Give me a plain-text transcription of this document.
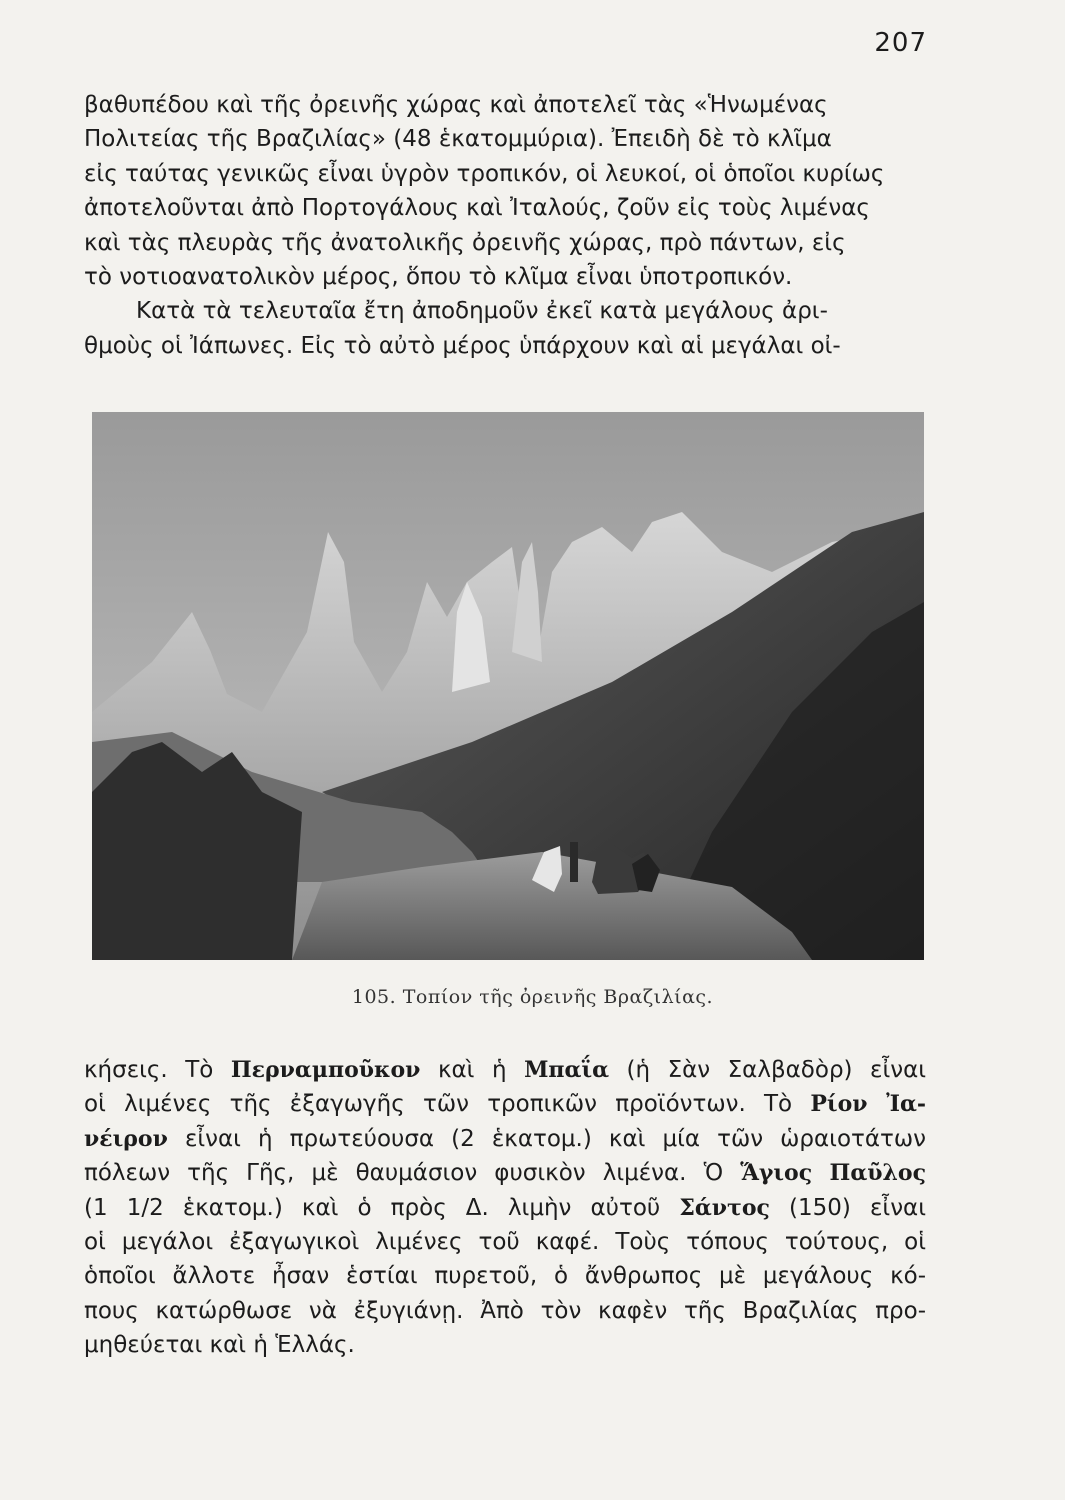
207
βαθυπέδου καὶ τῆς ὀρεινῆς χώρας καὶ ἀποτελεῖ τὰς «Ἡνωμένας
Πολιτείας τῆς Βραζιλίας» (48 ἑκατομμύρια). Ἐπειδὴ δὲ τὸ κλῖμα
εἰς ταύτας γενικῶς εἶναι ὑγρὸν τροπικόν, οἱ λευκοί, οἱ ὁποῖοι κυρίως
ἀποτελοῦνται ἀπὸ Πορτογάλους καὶ Ἰταλούς, ζοῦν εἰς τοὺς λιμένας
καὶ τὰς πλευρὰς τῆς ἀνατολικῆς ὀρεινῆς χώρας, πρὸ πάντων, εἰς
τὸ νοτιοανατολικὸν μέρος, ὅπου τὸ κλῖμα εἶναι ὑποτροπικόν.
Κατὰ τὰ τελευταῖα ἔτη ἀποδημοῦν ἐκεῖ κατὰ μεγάλους ἀρι-
θμοὺς οἱ Ἰάπωνες. Εἰς τὸ αὐτὸ μέρος ὑπάρχουν καὶ αἱ μεγάλαι οἰ-
105. Τοπίον τῆς ὀρεινῆς Βραζιλίας.
κήσεις. Τὸ Περναμποῦκον καὶ ἡ Μπαΐα (ἡ Σὰν Σαλβαδὸρ) εἶναι
οἱ λιμένες τῆς ἐξαγωγῆς τῶν τροπικῶν προϊόντων. Τὸ Ρίον Ἰα-
νέιρον εἶναι ἡ πρωτεύουσα (2 ἑκατομ.) καὶ μία τῶν ὡραιοτάτων
πόλεων τῆς Γῆς, μὲ θαυμάσιον φυσικὸν λιμένα. Ὁ Ἅγιος Παῦλος
(1 1/2 ἑκατομ.) καὶ ὁ πρὸς Δ. λιμὴν αὐτοῦ Σάντος (150) εἶναι
οἱ μεγάλοι ἐξαγωγικοὶ λιμένες τοῦ καφέ. Τοὺς τόπους τούτους, οἱ
ὁποῖοι ἄλλοτε ἦσαν ἑστίαι πυρετοῦ, ὁ ἄνθρωπος μὲ μεγάλους κό-
πους κατώρθωσε νὰ ἐξυγιάνῃ. Ἀπὸ τὸν καφὲν τῆς Βραζιλίας προ-
μηθεύεται καὶ ἡ Ἑλλάς.
